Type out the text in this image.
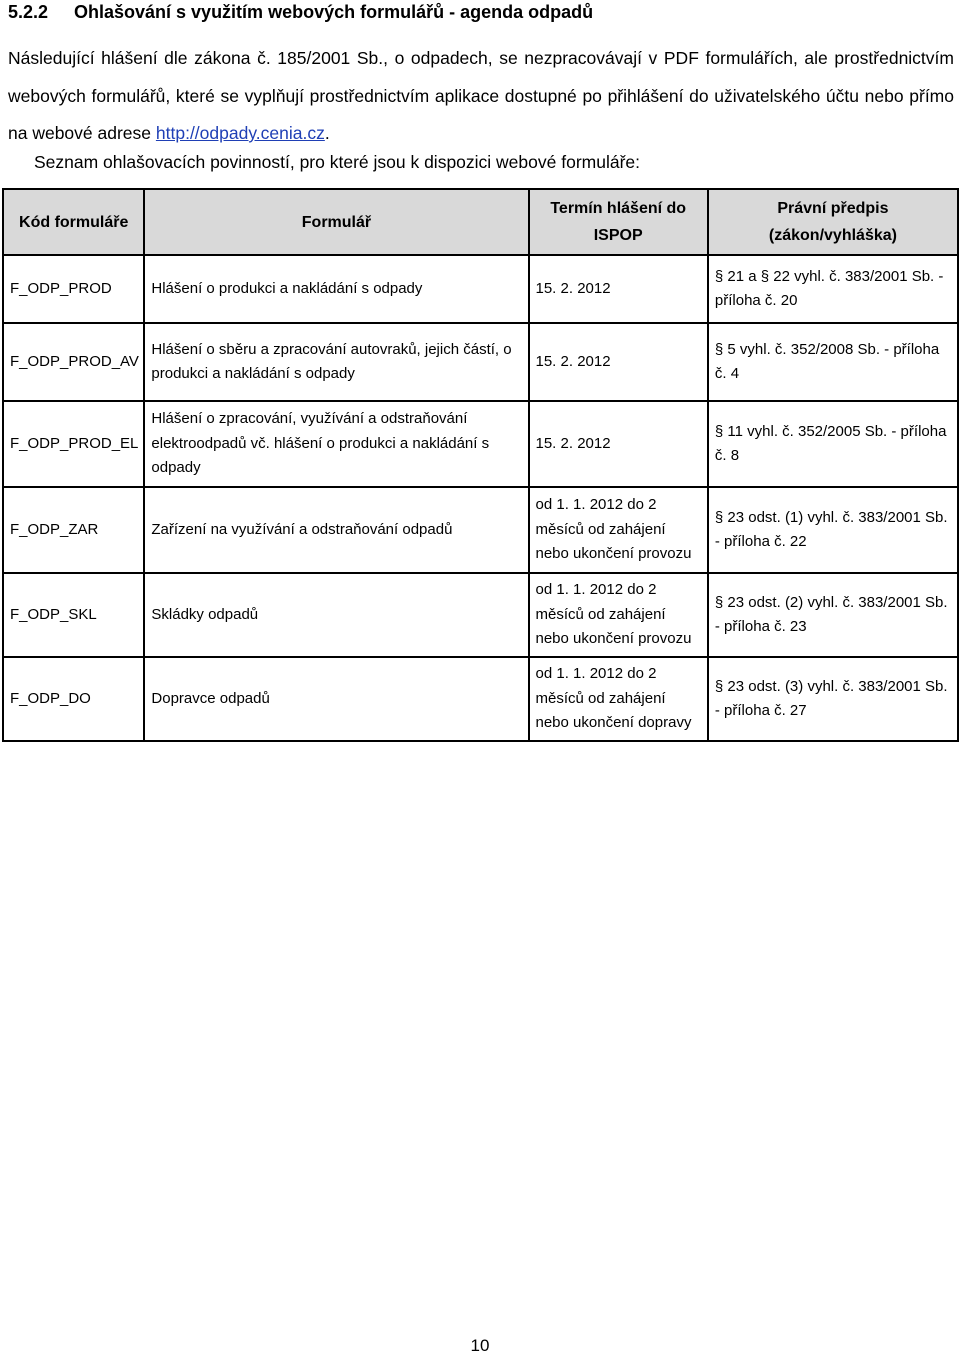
5.2.2 Ohlašování s využitím webových formulářů - agenda odpadů
Následující hlášení dle zákona č. 185/2001 Sb., o odpadech, se nezpracovávají v PDF formulářích, ale prostřednictvím webových formulářů, které se vyplňují prostřednictvím aplikace dostupné po přihlášení do uživatelského účtu nebo přímo na webové adrese http://odpady.cenia.cz.
Seznam ohlašovacích povinností, pro které jsou k dispozici webové formuláře:
Kód formuláře	Formulář	Termín hlášení do ISPOP	Právní předpis (zákon/vyhláška)
F_ODP_PROD	Hlášení o produkci a nakládání s odpady	15. 2. 2012	§ 21 a § 22 vyhl. č. 383/2001 Sb. - příloha č. 20
F_ODP_PROD_AV	Hlášení o sběru a zpracování autovraků, jejich částí, o produkci a nakládání s odpady	15. 2. 2012	§ 5 vyhl. č. 352/2008 Sb. - příloha č. 4
F_ODP_PROD_EL	Hlášení o zpracování, využívání a odstraňování elektroodpadů vč. hlášení o produkci a nakládání s odpady	15. 2. 2012	§ 11 vyhl. č. 352/2005 Sb. - příloha č. 8
F_ODP_ZAR	Zařízení na využívání a odstraňování odpadů	od 1. 1. 2012 do 2 měsíců od zahájení nebo ukončení provozu	§ 23 odst. (1) vyhl. č. 383/2001 Sb. - příloha č. 22
F_ODP_SKL	Skládky odpadů	od 1. 1. 2012 do 2 měsíců od zahájení nebo ukončení provozu	§ 23 odst. (2) vyhl. č. 383/2001 Sb. - příloha č. 23
F_ODP_DO	Dopravce odpadů	od 1. 1. 2012 do 2 měsíců od zahájení nebo ukončení dopravy	§ 23 odst. (3) vyhl. č. 383/2001 Sb. - příloha č. 27
10
